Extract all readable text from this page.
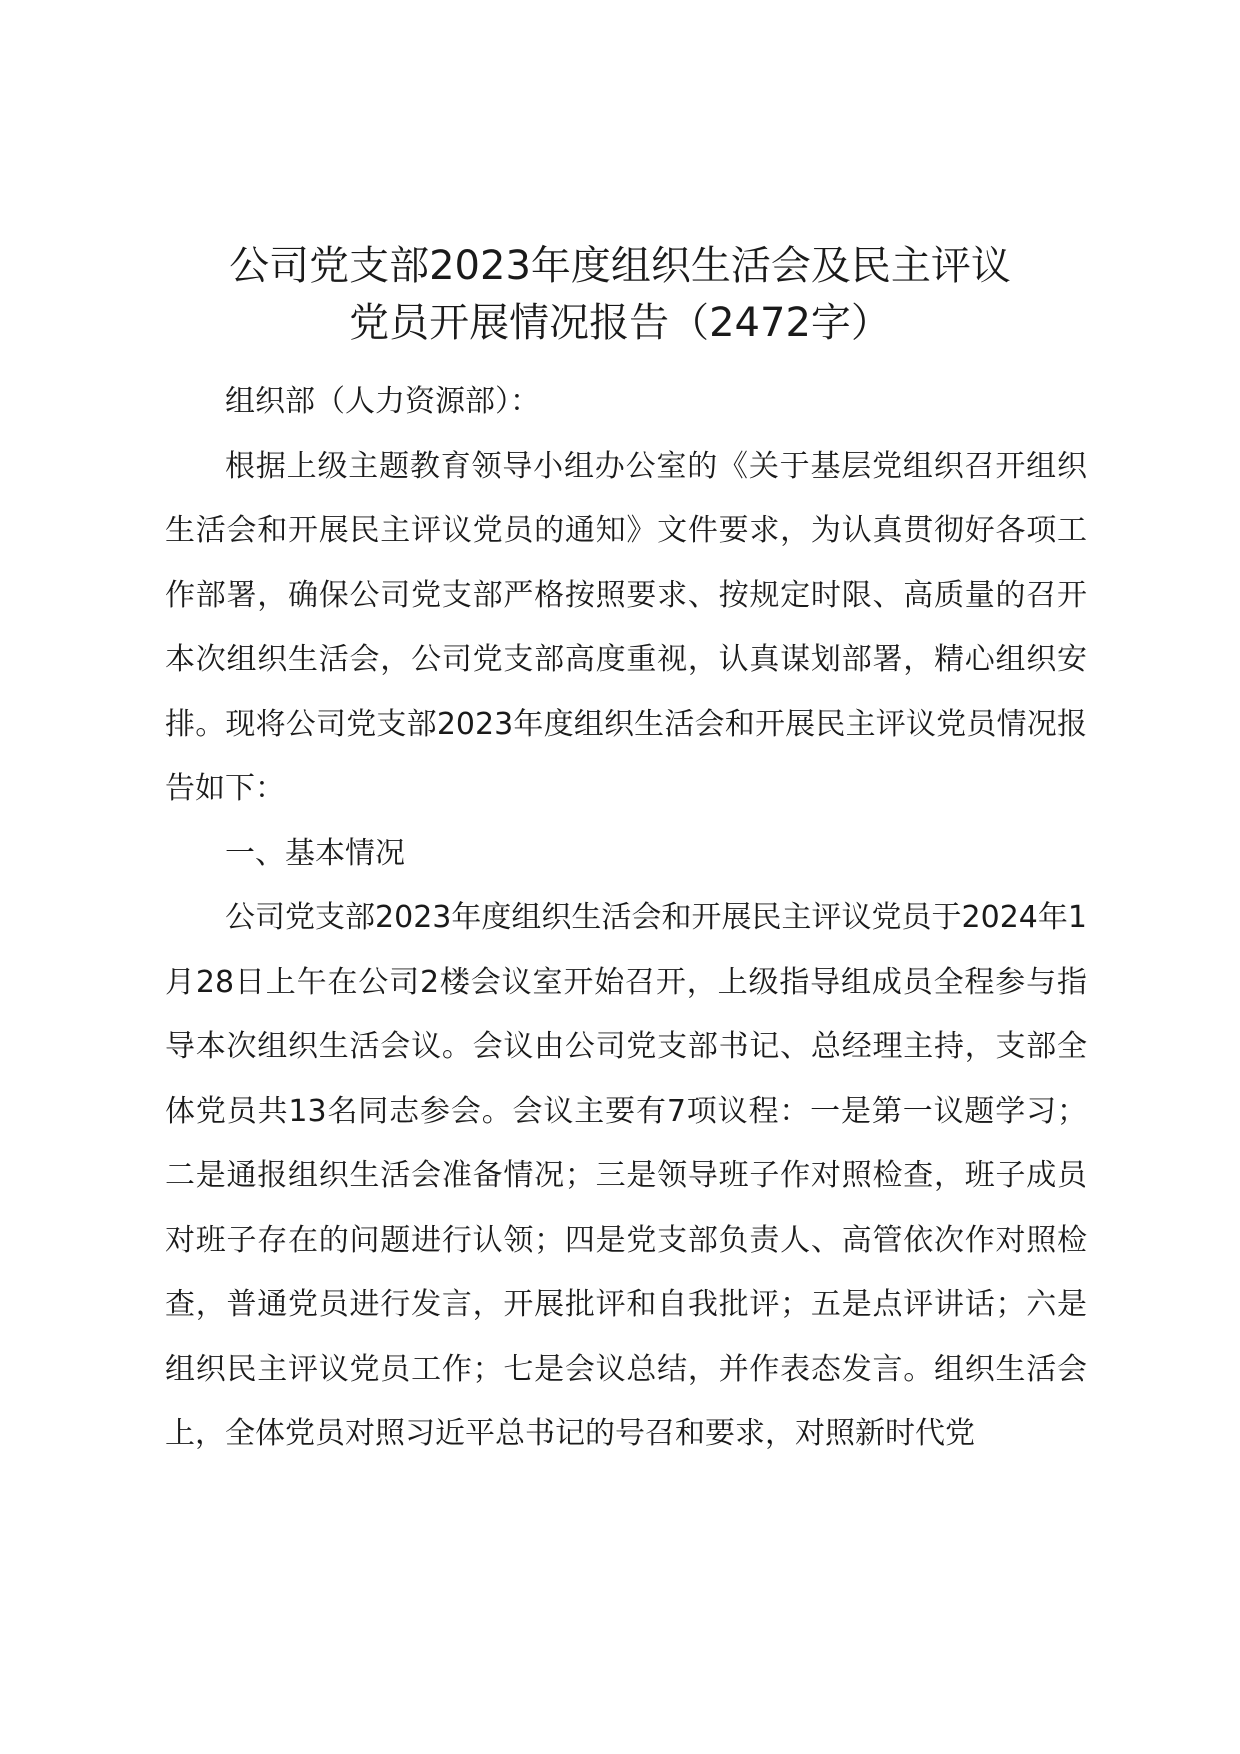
公司党支部2023年度组织生活会及民主评议
党员开展情况报告（2472字）

组织部（人力资源部）：

根据上级主题教育领导小组办公室的《关于基层党组织召开组织生活会和开展民主评议党员的通知》文件要求，为认真贯彻好各项工作部署，确保公司党支部严格按照要求、按规定时限、高质量的召开本次组织生活会，公司党支部高度重视，认真谋划部署，精心组织安排。现将公司党支部2023年度组织生活会和开展民主评议党员情况报告如下：

一、基本情况

公司党支部2023年度组织生活会和开展民主评议党员于2024年1月28日上午在公司2楼会议室开始召开，上级指导组成员全程参与指导本次组织生活会议。会议由公司党支部书记、总经理主持，支部全体党员共13名同志参会。会议主要有7项议程：一是第一议题学习；二是通报组织生活会准备情况；三是领导班子作对照检查，班子成员对班子存在的问题进行认领；四是党支部负责人、高管依次作对照检查，普通党员进行发言，开展批评和自我批评；五是点评讲话；六是组织民主评议党员工作；七是会议总结，并作表态发言。组织生活会上，全体党员对照习近平总书记的号召和要求，对照新时代党
